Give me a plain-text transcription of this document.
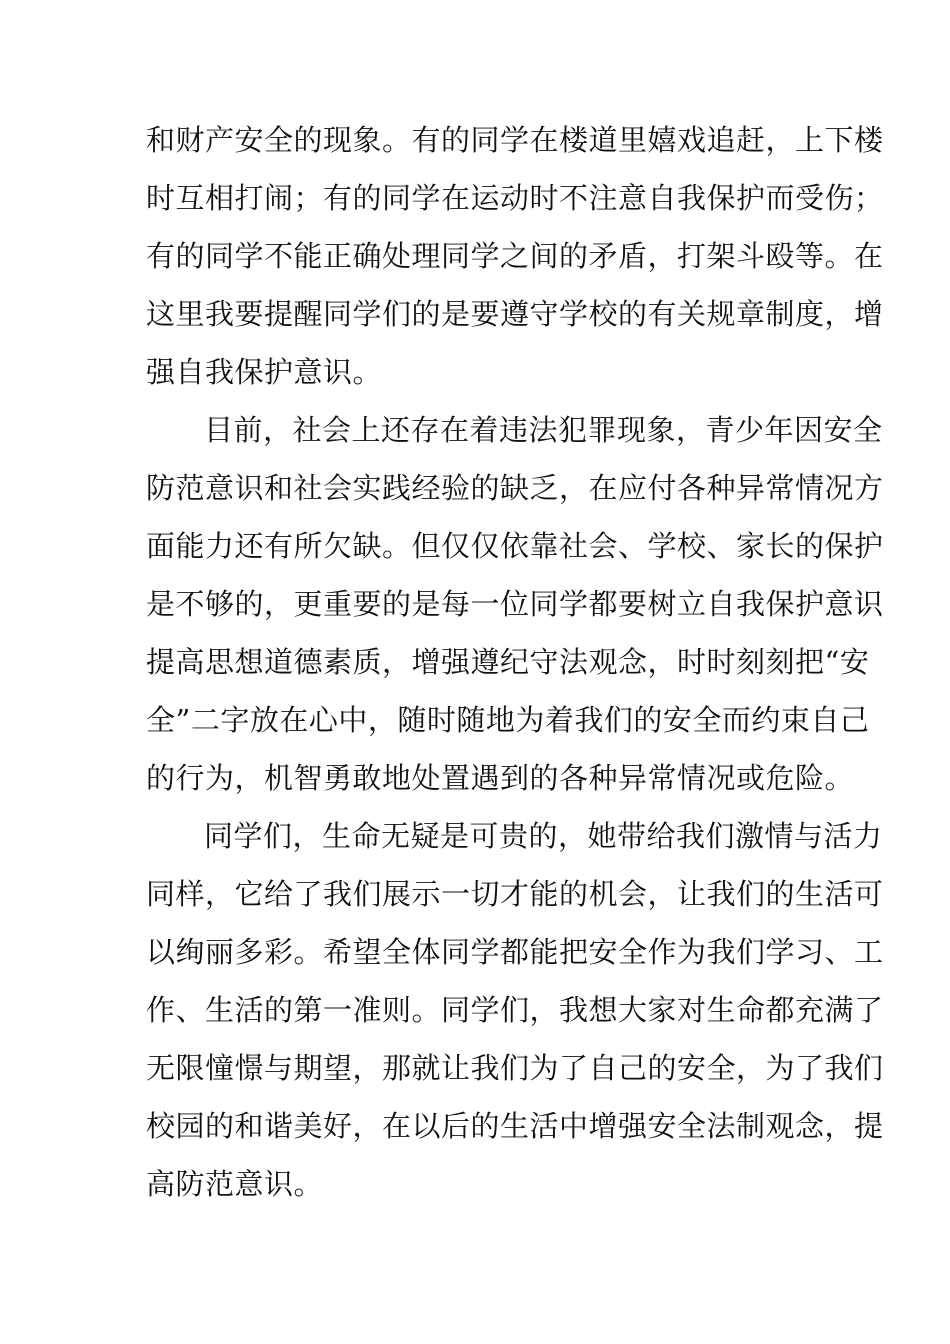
和财产安全的现象。有的同学在楼道里嬉戏追赶，上下楼
时互相打闹；有的同学在运动时不注意自我保护而受伤；
有的同学不能正确处理同学之间的矛盾，打架斗殴等。在
这里我要提醒同学们的是要遵守学校的有关规章制度，增
强自我保护意识。
目前，社会上还存在着违法犯罪现象，青少年因安全
防范意识和社会实践经验的缺乏，在应付各种异常情况方
面能力还有所欠缺。但仅仅依靠社会、学校、家长的保护
是不够的，更重要的是每一位同学都要树立自我保护意识
提高思想道德素质，增强遵纪守法观念，时时刻刻把“安
全”二字放在心中，随时随地为着我们的安全而约束自己
的行为，机智勇敢地处置遇到的各种异常情况或危险。
同学们，生命无疑是可贵的，她带给我们激情与活力
同样，它给了我们展示一切才能的机会，让我们的生活可
以绚丽多彩。希望全体同学都能把安全作为我们学习、工
作、生活的第一准则。同学们，我想大家对生命都充满了
无限憧憬与期望，那就让我们为了自己的安全，为了我们
校园的和谐美好，在以后的生活中增强安全法制观念，提
高防范意识。
